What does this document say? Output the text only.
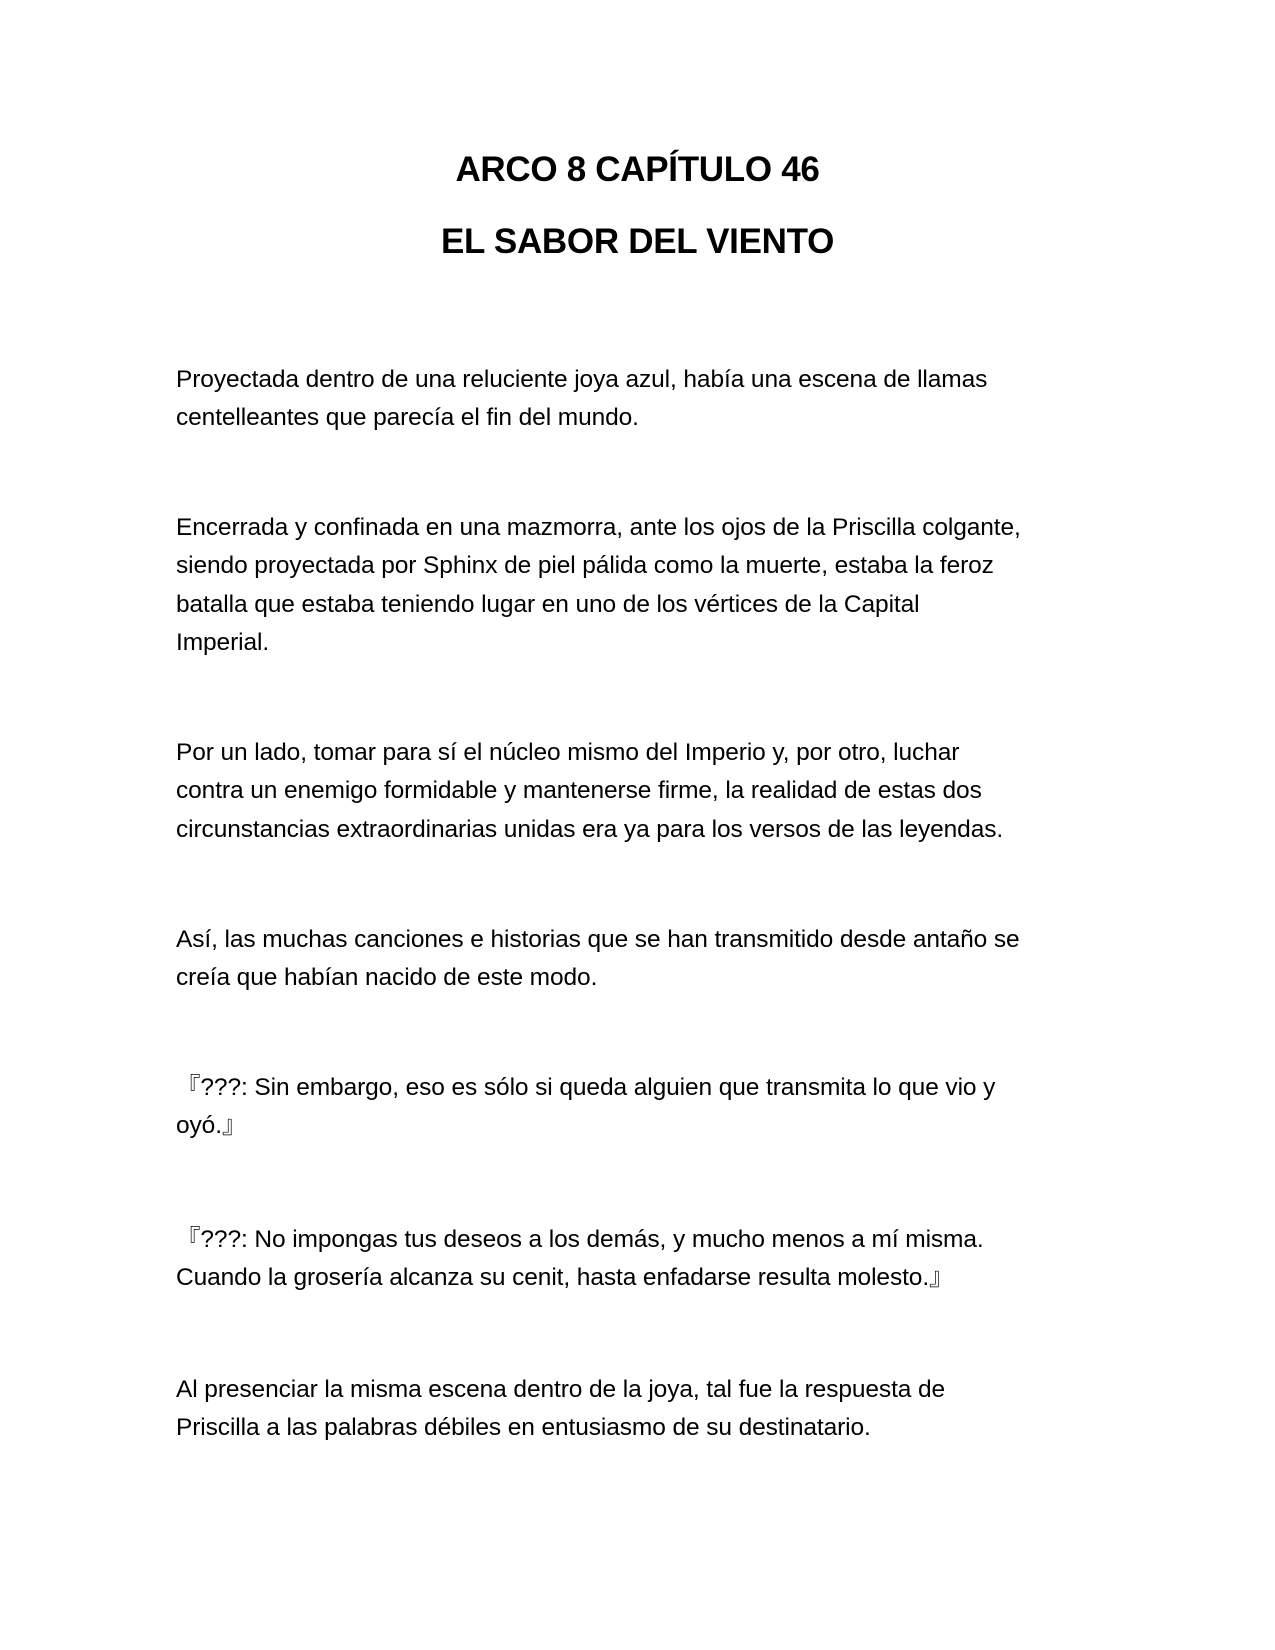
ARCO 8 CAPÍTULO 46
EL SABOR DEL VIENTO

Proyectada dentro de una reluciente joya azul, había una escena de llamas
centelleantes que parecía el fin del mundo.

Encerrada y confinada en una mazmorra, ante los ojos de la Priscilla colgante,
siendo proyectada por Sphinx de piel pálida como la muerte, estaba la feroz
batalla que estaba teniendo lugar en uno de los vértices de la Capital
Imperial.

Por un lado, tomar para sí el núcleo mismo del Imperio y, por otro, luchar
contra un enemigo formidable y mantenerse firme, la realidad de estas dos
circunstancias extraordinarias unidas era ya para los versos de las leyendas.

Así, las muchas canciones e historias que se han transmitido desde antaño se
creía que habían nacido de este modo.

『???: Sin embargo, eso es sólo si queda alguien que transmita lo que vio y
oyó.』

『???: No impongas tus deseos a los demás, y mucho menos a mí misma.
Cuando la grosería alcanza su cenit, hasta enfadarse resulta molesto.』

Al presenciar la misma escena dentro de la joya, tal fue la respuesta de
Priscilla a las palabras débiles en entusiasmo de su destinatario.
